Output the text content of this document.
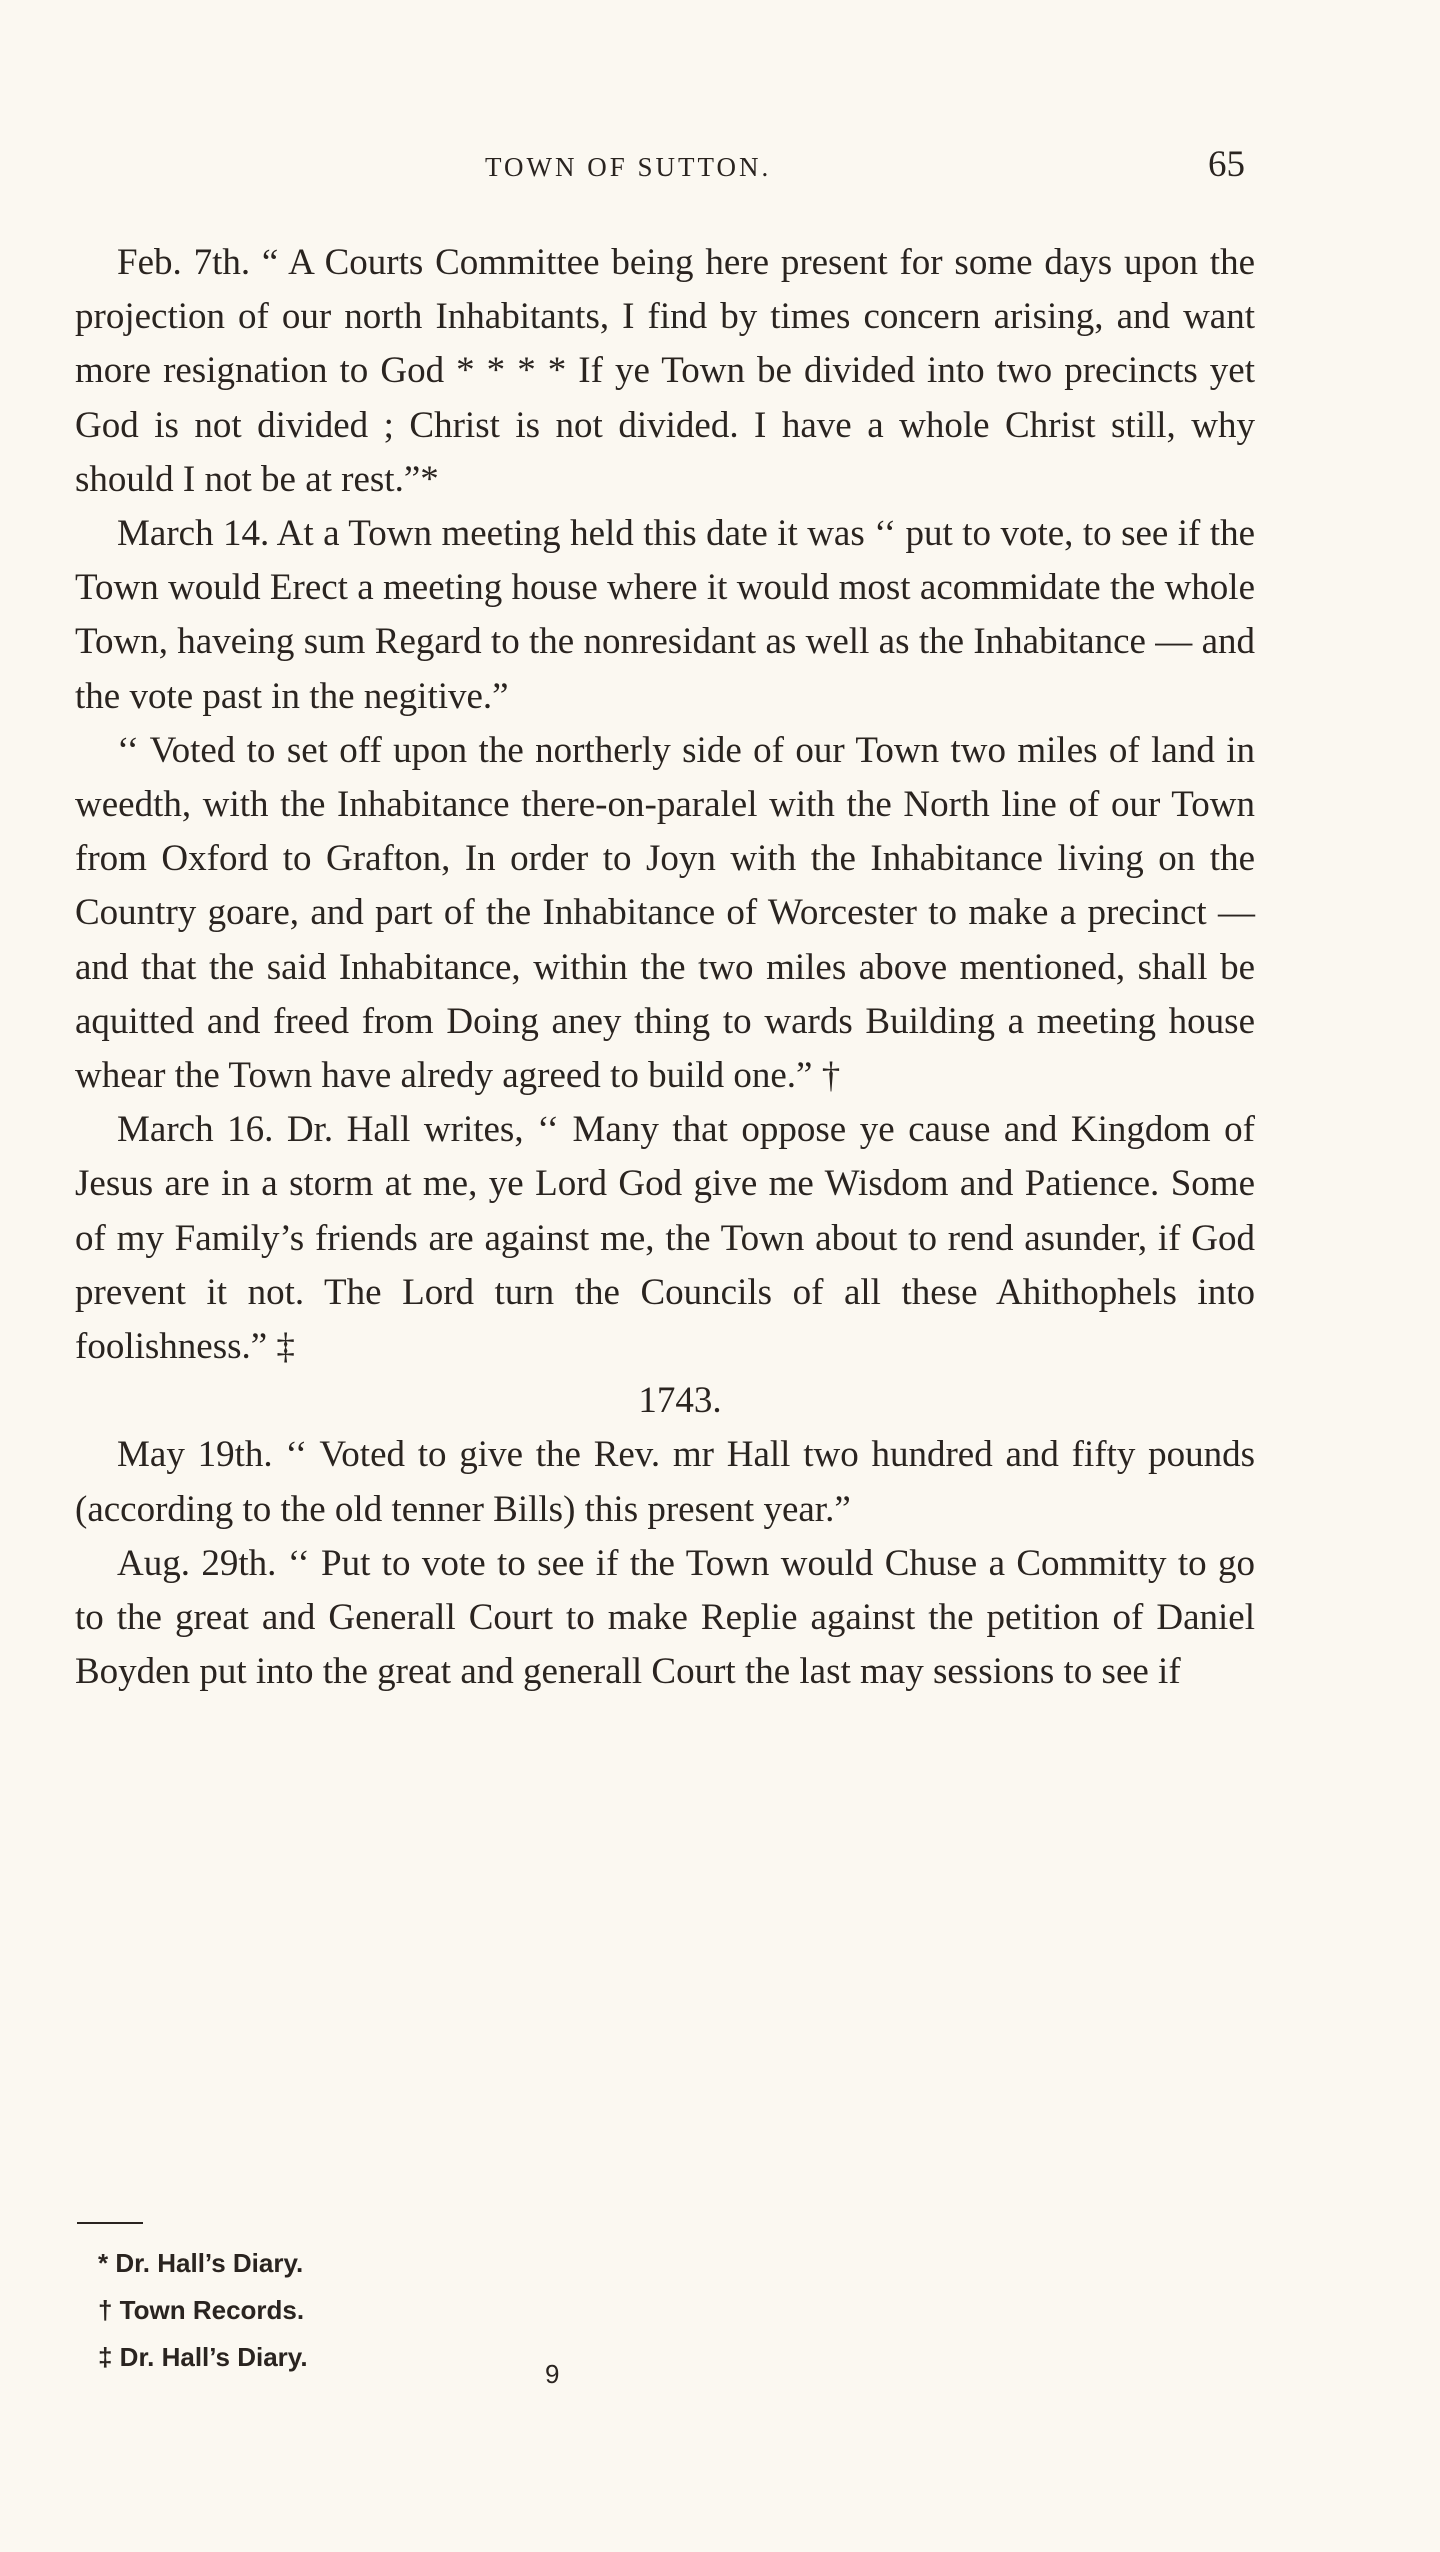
TOWN OF SUTTON.	65

Feb. 7th. “ A Courts Committee being here present for some days upon the projection of our north Inhabitants, I find by times concern arising, and want more resignation to God * * * * If ye Town be divided into two precincts yet God is not divided ; Christ is not divided. I have a whole Christ still, why should I not be at rest.”*

March 14. At a Town meeting held this date it was ‘‘ put to vote, to see if the Town would Erect a meeting house where it would most acommidate the whole Town, haveing sum Regard to the nonresidant as well as the Inhabitance — and the vote past in the negitive.”

‘‘ Voted to set off upon the northerly side of our Town two miles of land in weedth, with the Inhabitance there-on-paralel with the North line of our Town from Oxford to Grafton, In order to Joyn with the Inhabitance living on the Country goare, and part of the Inhabitance of Worcester to make a precinct — and that the said Inhabitance, within the two miles above mentioned, shall be aquitted and freed from Doing aney thing to wards Building a meeting house whear the Town have alredy agreed to build one.” †

March 16. Dr. Hall writes, ‘‘ Many that oppose ye cause and Kingdom of Jesus are in a storm at me, ye Lord God give me Wisdom and Patience. Some of my Family’s friends are against me, the Town about to rend asunder, if God prevent it not. The Lord turn the Councils of all these Ahithophels into foolishness.” ‡

1743.

May 19th. ‘‘ Voted to give the Rev. mr Hall two hundred and fifty pounds (according to the old tenner Bills) this present year.”

Aug. 29th. ‘‘ Put to vote to see if the Town would Chuse a Committy to go to the great and Generall Court to make Replie against the petition of Daniel Boyden put into the great and generall Court the last may sessions to see if

* Dr. Hall’s Diary.

† Town Records.

‡ Dr. Hall’s Diary.

9
